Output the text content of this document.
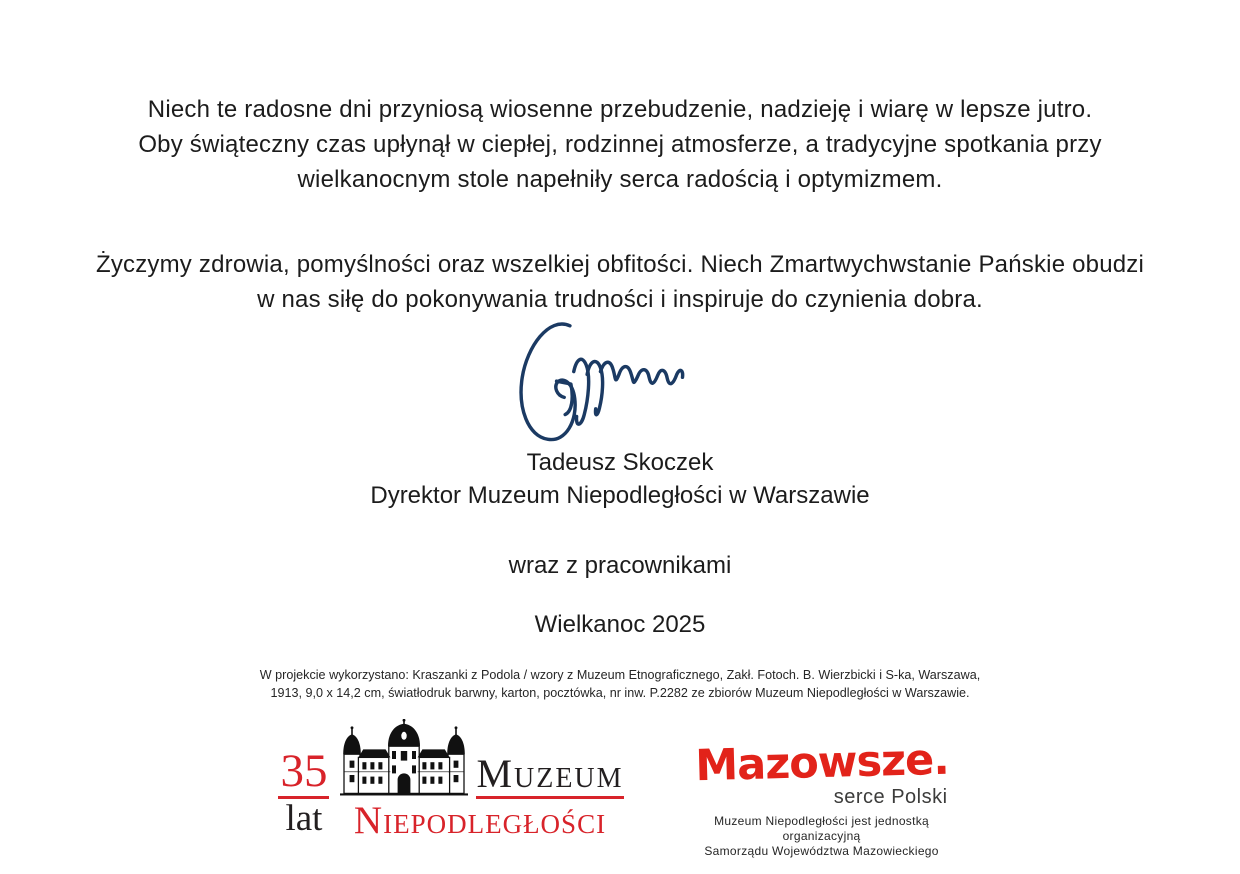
Niech te radosne dni przyniosą wiosenne przebudzenie, nadzieję i wiarę w lepsze jutro.
Oby świąteczny czas upłynął w ciepłej, rodzinnej atmosferze, a tradycyjne spotkania przy
wielkanocnym stole napełniły serca radością i optymizmem.
Życzymy zdrowia, pomyślności oraz wszelkiej obfitości. Niech Zmartwychwstanie Pańskie obudzi
w nas siłę do pokonywania trudności i inspiruje do czynienia dobra.
Tadeusz Skoczek
Dyrektor Muzeum Niepodległości w Warszawie
wraz z pracownikami
Wielkanoc 2025
W projekcie wykorzystano: Kraszanki z Podola / wzory z Muzeum Etnograficznego, Zakł. Fotoch. B. Wierzbicki i S-ka, Warszawa,
1913, 9,0 x 14,2 cm, światłodruk barwny, karton, pocztówka, nr inw. P.2282 ze zbiorów Muzeum Niepodległości w Warszawie.
35
lat
Muzeum
Niepodległości
Mazowsze.
serce Polski
Muzeum Niepodległości jest jednostką organizacyjną
Samorządu Województwa Mazowieckiego
